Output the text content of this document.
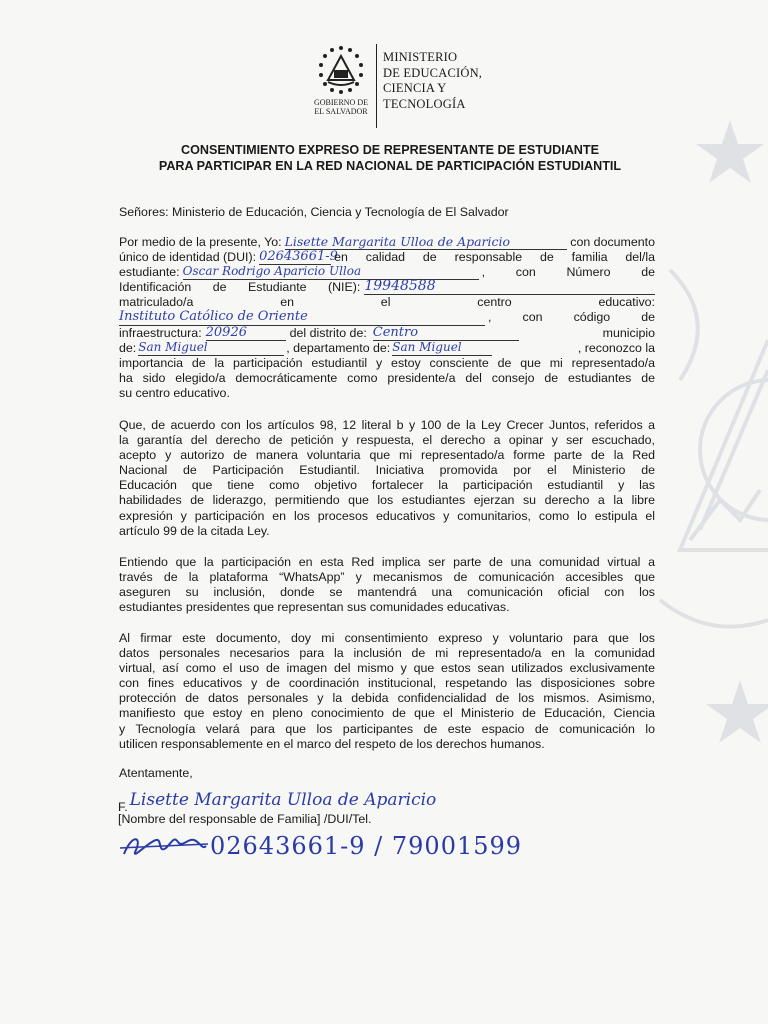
GOBIERNO DE
EL SALVADOR
MINISTERIO
DE EDUCACIÓN,
CIENCIA Y
TECNOLOGÍA
CONSENTIMIENTO EXPRESO DE REPRESENTANTE DE ESTUDIANTE
PARA PARTICIPAR EN LA RED NACIONAL DE PARTICIPACIÓN ESTUDIANTIL
Señores: Ministerio de Educación, Ciencia y Tecnología de El Salvador
Por medio de la presente, Yo: Lisette Margarita Ulloa de Aparicio	con documento
único de identidad (DUI): 02643661-9
en calidad de responsable de familia del/la
estudiante: Oscar Rodrigo Aparicio Ulloa	, con Número de
Identificación de Estudiante (NIE): 19948588
matriculado/a en el centro educativo:
Instituto Católico de Oriente	, con código de
infraestructura: 20926	del distrito de: Centro	municipio
de: San Miguel	, departamento de: San Miguel	, reconozco la
importancia de la participación estudiantil y estoy consciente de que mi representado/a
ha sido elegido/a democráticamente como presidente/a del consejo de estudiantes de
su centro educativo.
Que, de acuerdo con los artículos 98, 12 literal b y 100 de la Ley Crecer Juntos, referidos a
la garantía del derecho de petición y respuesta, el derecho a opinar y ser escuchado,
acepto y autorizo de manera voluntaria que mi representado/a forme parte de la Red
Nacional de Participación Estudiantil. Iniciativa promovida por el Ministerio de
Educación que tiene como objetivo fortalecer la participación estudiantil y las
habilidades de liderazgo, permitiendo que los estudiantes ejerzan su derecho a la libre
expresión y participación en los procesos educativos y comunitarios, como lo estipula el
artículo 99 de la citada Ley.
Entiendo que la participación en esta Red implica ser parte de una comunidad virtual a
través de la plataforma “WhatsApp” y mecanismos de comunicación accesibles que
aseguren su inclusión, donde se mantendrá una comunicación oficial con los
estudiantes presidentes que representan sus comunidades educativas.
Al firmar este documento, doy mi consentimiento expreso y voluntario para que los
datos personales necesarios para la inclusión de mi representado/a en la comunidad
virtual, así como el uso de imagen del mismo y que estos sean utilizados exclusivamente
con fines educativos y de coordinación institucional, respetando las disposiciones sobre
protección de datos personales y la debida confidencialidad de los mismos. Asimismo,
manifiesto que estoy en pleno conocimiento de que el Ministerio de Educación, Ciencia
y Tecnología velará para que los participantes de este espacio de comunicación lo
utilicen responsablemente en el marco del respeto de los derechos humanos.
Atentamente,
F. Lisette Margarita Ulloa de Aparicio
[Nombre del responsable de Familia] /DUI/Tel.
02643661-9 / 79001599
